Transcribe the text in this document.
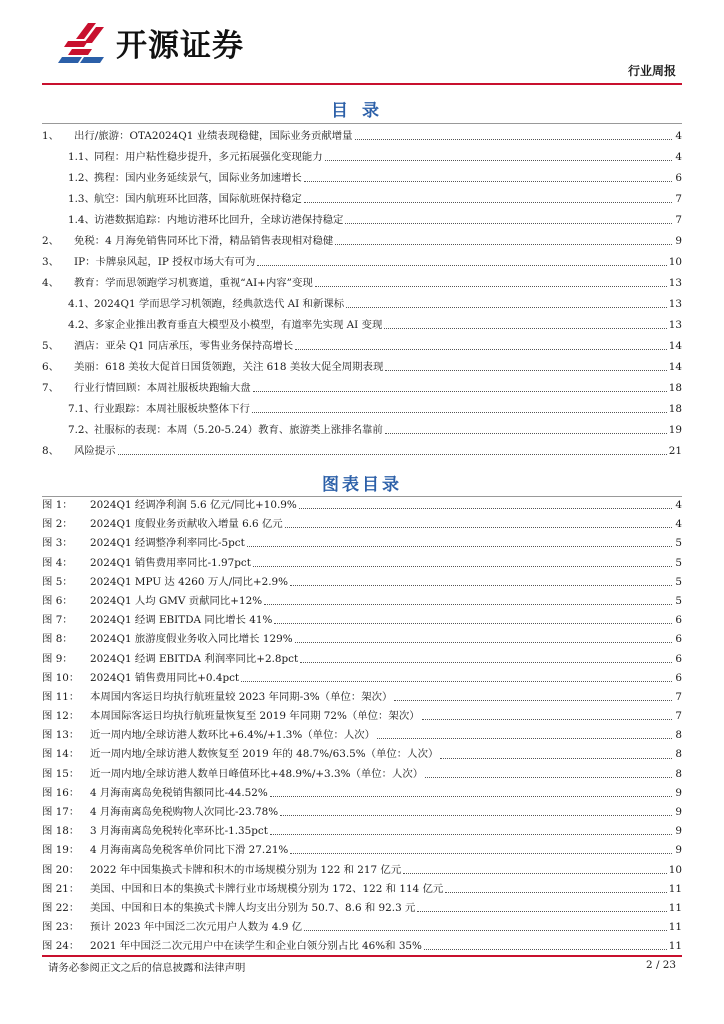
开源证券
行业周报
目录
1、	出行/旅游：OTA2024Q1 业绩表现稳健，国际业务贡献增量	4
1.1、 同程：用户粘性稳步提升，多元拓展强化变现能力	4
1.2、 携程：国内业务延续景气，国际业务加速增长	6
1.3、 航空：国内航班环比回落，国际航班保持稳定	7
1.4、 访港数据追踪：内地访港环比回升，全球访港保持稳定	7
2、	免税：4 月海免销售同环比下滑，精品销售表现相对稳健	9
3、	IP：卡牌泉风起，IP 授权市场大有可为	10
4、	教育：学而思领跑学习机赛道，重视“AI+内容”变现	13
4.1、 2024Q1 学而思学习机领跑，经典款迭代 AI 和新课标	13
4.2、 多家企业推出教育垂直大模型及小模型，有道率先实现 AI 变现	13
5、	酒店：亚朵 Q1 同店承压，零售业务保持高增长	14
6、	美丽：618 美妆大促首日国货领跑，关注 618 美妆大促全周期表现	14
7、	行业行情回顾：本周社服板块跑输大盘	18
7.1、 行业跟踪：本周社服板块整体下行	18
7.2、 社服标的表现：本周（5.20-5.24）教育、旅游类上涨排名靠前	19
8、	风险提示	21
图表目录
图 1：	2024Q1 经调净利润 5.6 亿元/同比+10.9%	4
图 2：	2024Q1 度假业务贡献收入增量 6.6 亿元	4
图 3：	2024Q1 经调整净利率同比-5pct	5
图 4：	2024Q1 销售费用率同比-1.97pct	5
图 5：	2024Q1 MPU 达 4260 万人/同比+2.9%	5
图 6：	2024Q1 人均 GMV 贡献同比+12%	5
图 7：	2024Q1 经调 EBITDA 同比增长 41%	6
图 8：	2024Q1 旅游度假业务收入同比增长 129%	6
图 9：	2024Q1 经调 EBITDA 利润率同比+2.8pct	6
图 10：	2024Q1 销售费用同比+0.4pct	6
图 11：	本周国内客运日均执行航班量较 2023 年同期-3%（单位：架次）	7
图 12：	本周国际客运日均执行航班量恢复至 2019 年同期 72%（单位：架次）	7
图 13：	近一周内地/全球访港人数环比+6.4%/+1.3%（单位：人次）	8
图 14：	近一周内地/全球访港人数恢复至 2019 年的 48.7%/63.5%（单位：人次）	8
图 15：	近一周内地/全球访港人数单日峰值环比+48.9%/+3.3%（单位：人次）	8
图 16：	4 月海南离岛免税销售额同比-44.52%	9
图 17：	4 月海南离岛免税购物人次同比-23.78%	9
图 18：	3 月海南离岛免税转化率环比-1.35pct	9
图 19：	4 月海南离岛免税客单价同比下滑 27.21%	9
图 20：	2022 年中国集换式卡牌和积木的市场规模分别为 122 和 217 亿元	10
图 21：	美国、中国和日本的集换式卡牌行业市场规模分别为 172、122 和 114 亿元	11
图 22：	美国、中国和日本的集换式卡牌人均支出分别为 50.7、8.6 和 92.3 元	11
图 23：	预计 2023 年中国泛二次元用户人数为 4.9 亿	11
图 24：	2021 年中国泛二次元用户中在读学生和企业白领分别占比 46%和 35%	11
请务必参阅正文之后的信息披露和法律声明	2 / 23
